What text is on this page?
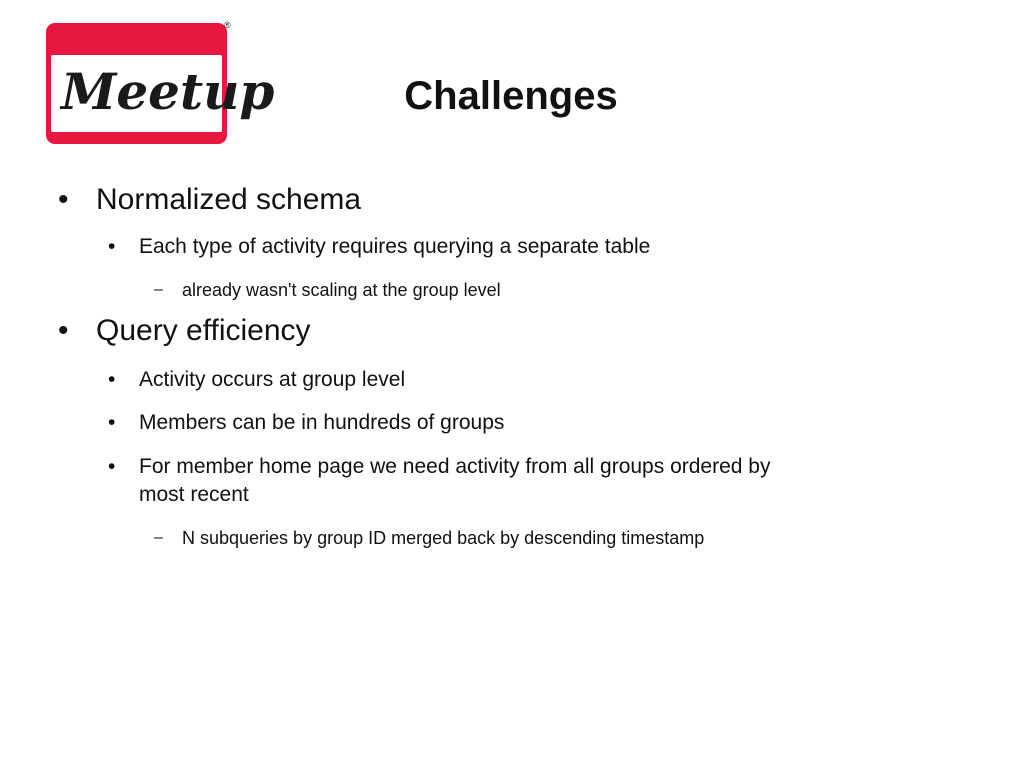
Meetup
®
Challenges
• Normalized schema
• Each type of activity requires querying a separate table
– already wasn't scaling at the group level
• Query efficiency
• Activity occurs at group level
• Members can be in hundreds of groups
• For member home page we need activity from all groups ordered by
most recent
– N subqueries by group ID merged back by descending timestamp
